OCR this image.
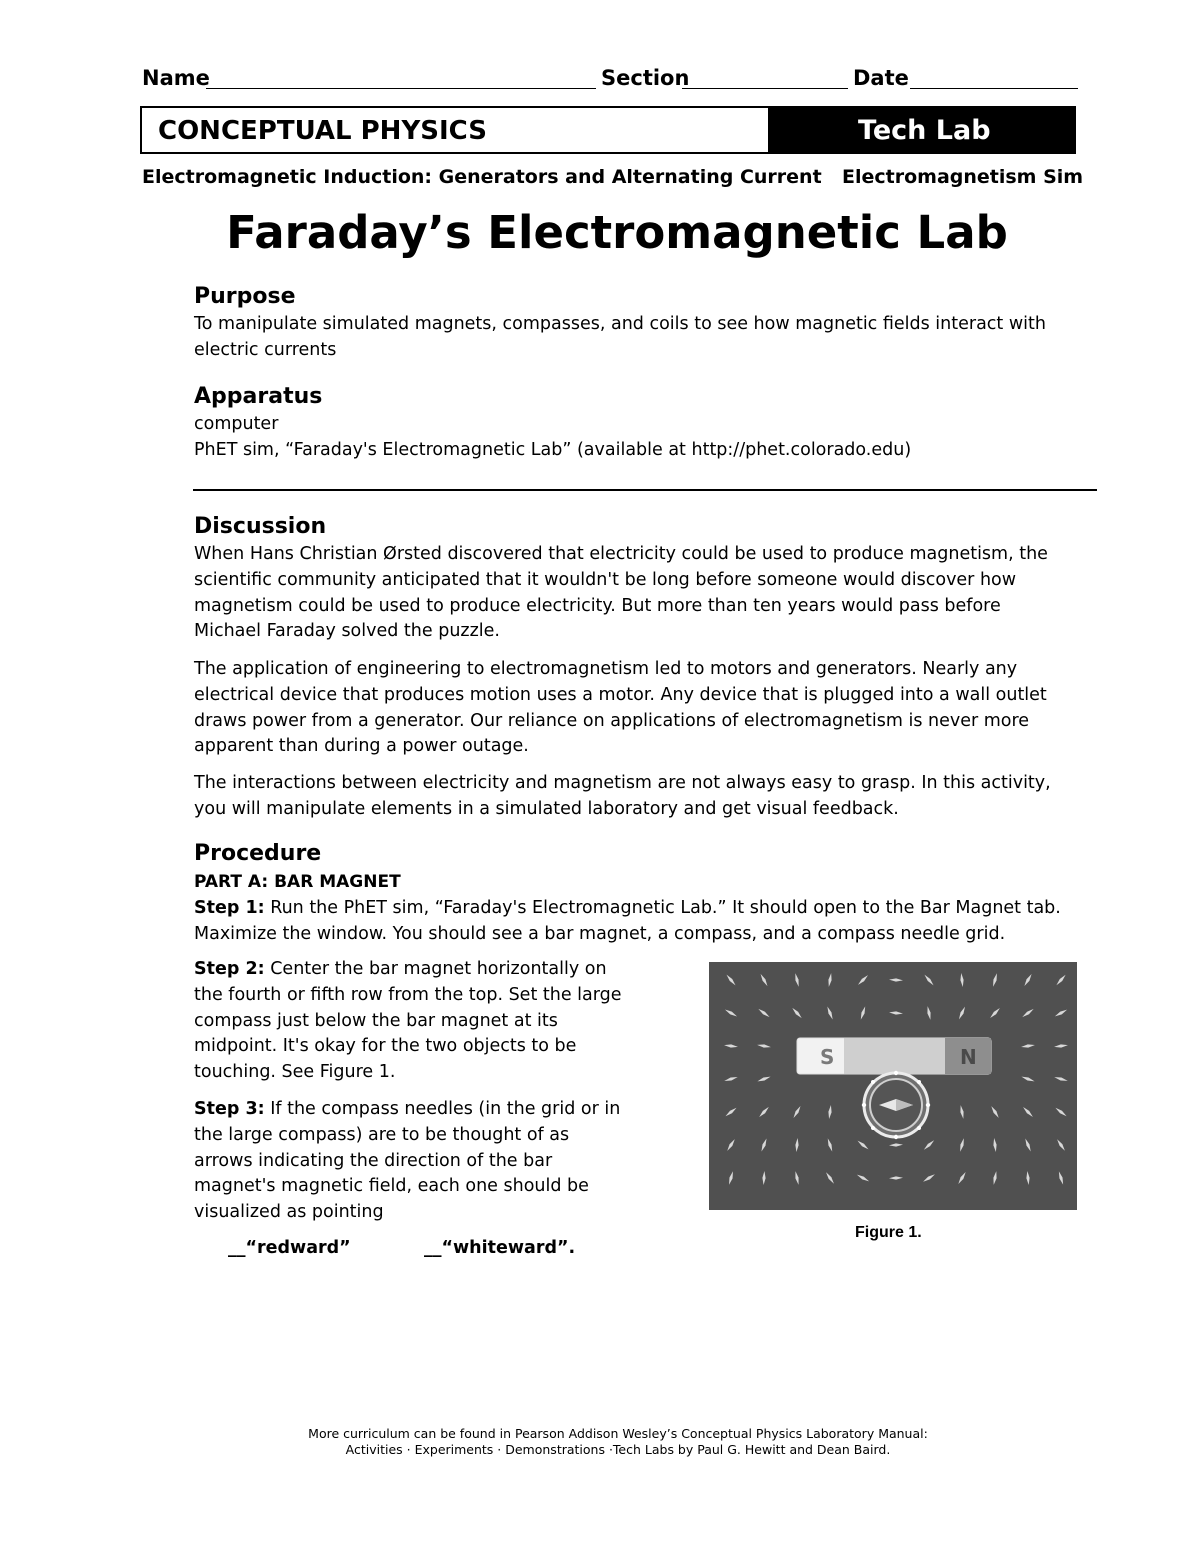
Name	Section	Date
CONCEPTUAL PHYSICS	Tech Lab
Electromagnetic Induction: Generators and Alternating Current Electromagnetism Sim
Faraday’s Electromagnetic Lab
Purpose
To manipulate simulated magnets, compasses, and coils to see how magnetic fields interact with
electric currents
Apparatus
computer
PhET sim, “Faraday's Electromagnetic Lab” (available at http://phet.colorado.edu)
Discussion
When Hans Christian Ørsted discovered that electricity could be used to produce magnetism, the
scientific community anticipated that it wouldn't be long before someone would discover how
magnetism could be used to produce electricity. But more than ten years would pass before
Michael Faraday solved the puzzle.
The application of engineering to electromagnetism led to motors and generators. Nearly any
electrical device that produces motion uses a motor. Any device that is plugged into a wall outlet
draws power from a generator. Our reliance on applications of electromagnetism is never more
apparent than during a power outage.
The interactions between electricity and magnetism are not always easy to grasp. In this activity,
you will manipulate elements in a simulated laboratory and get visual feedback.
Procedure
PART A: BAR MAGNET
Step 1: Run the PhET sim, “Faraday's Electromagnetic Lab.” It should open to the Bar Magnet tab.
Maximize the window. You should see a bar magnet, a compass, and a compass needle grid.
Step 2: Center the bar magnet horizontally on
the fourth or fifth row from the top. Set the large
compass just below the bar magnet at its
midpoint. It's okay for the two objects to be
touching. See Figure 1.
Step 3: If the compass needles (in the grid or in
the large compass) are to be thought of as
arrows indicating the direction of the bar
magnet's magnetic field, each one should be
visualized as pointing
__“redward”	__“whiteward”.
S	N
Figure 1.
More curriculum can be found in Pearson Addison Wesley’s Conceptual Physics Laboratory Manual:
Activities · Experiments · Demonstrations ·Tech Labs by Paul G. Hewitt and Dean Baird.
